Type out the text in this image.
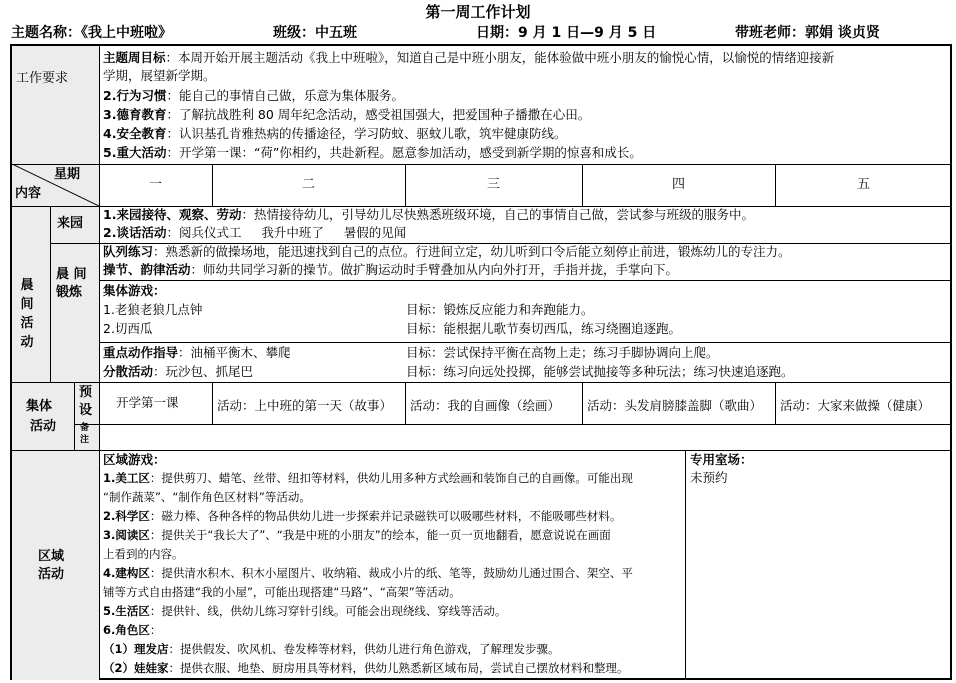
第一周工作计划
主题名称：《我上中班啦》	班级：中五班	日期：9 月 1 日—9 月 5 日	带班老师：郭娟 谈贞贤
工作要求
主题周目标：本周开始开展主题活动《我上中班啦》，知道自己是中班小朋友，能体验做中班小朋友的愉悦心情，以愉悦的情绪迎接新
学期，展望新学期。
2.行为习惯：能自己的事情自己做，乐意为集体服务。
3.德育教育：了解抗战胜利 80 周年纪念活动，感受祖国强大，把爱国种子播撒在心田。
4.安全教育：认识基孔肯雅热病的传播途径，学习防蚊、驱蚊儿歌，筑牢健康防线。
5.重大活动：开学第一课：“荷”你相约，共赴新程。愿意参加活动，感受到新学期的惊喜和成长。
星期
内容
一	二	三	四	五
晨
间
活
动
来园
1.来园接待、观察、劳动：热情接待幼儿，引导幼儿尽快熟悉班级环境，自己的事情自己做，尝试参与班级的服务中。
2.谈话活动：阅兵仪式工     我升中班了     暑假的见闻
晨 间
锻炼
队列练习：熟悉新的做操场地，能迅速找到自己的点位。行进间立定，幼儿听到口令后能立刻停止前进，锻炼幼儿的专注力。
操节、韵律活动：师幼共同学习新的操节。做扩胸运动时手臂叠加从内向外打开，手指并拢，手掌向下。
集体游戏：
1.老狼老狼几点钟	目标：锻炼反应能力和奔跑能力。
2.切西瓜	目标：能根据儿歌节奏切西瓜，练习绕圈追逐跑。
重点动作指导：油桶平衡木、攀爬	目标：尝试保持平衡在高物上走；练习手脚协调向上爬。
分散活动：玩沙包、抓尾巴	目标：练习向远处投掷，能够尝试抛接等多种玩法；练习快速追逐跑。
集体
活动
预
设
备
注
开学第一课	活动：上中班的第一天（故事） 活动：我的自画像（绘画） 活动：头发肩膀膝盖脚（歌曲） 活动：大家来做操（健康）
区域
活动
区域游戏：
1.美工区：提供剪刀、蜡笔、丝带、纽扣等材料，供幼儿用多种方式绘画和装饰自己的自画像。可能出现
“制作蔬菜”、“制作角色区材料”等活动。
2.科学区：磁力棒、各种各样的物品供幼儿进一步探索并记录磁铁可以吸哪些材料，不能吸哪些材料。
3.阅读区：提供关于“我长大了”、“我是中班的小朋友”的绘本，能一页一页地翻看，愿意说说在画面
上看到的内容。
4.建构区：提供清水积木、积木小屋图片、收纳箱、裁成小片的纸、笔等，鼓励幼儿通过围合、架空、平
铺等方式自由搭建“我的小屋”，可能出现搭建“马路”、“高架”等活动。
5.生活区：提供针、线，供幼儿练习穿针引线。可能会出现绕线、穿线等活动。
6.角色区：
（1）理发店：提供假发、吹风机、卷发棒等材料，供幼儿进行角色游戏，了解理发步骤。
（2）娃娃家：提供衣服、地垫、厨房用具等材料，供幼儿熟悉新区域布局，尝试自己摆放材料和整理。
专用室场：
未预约
